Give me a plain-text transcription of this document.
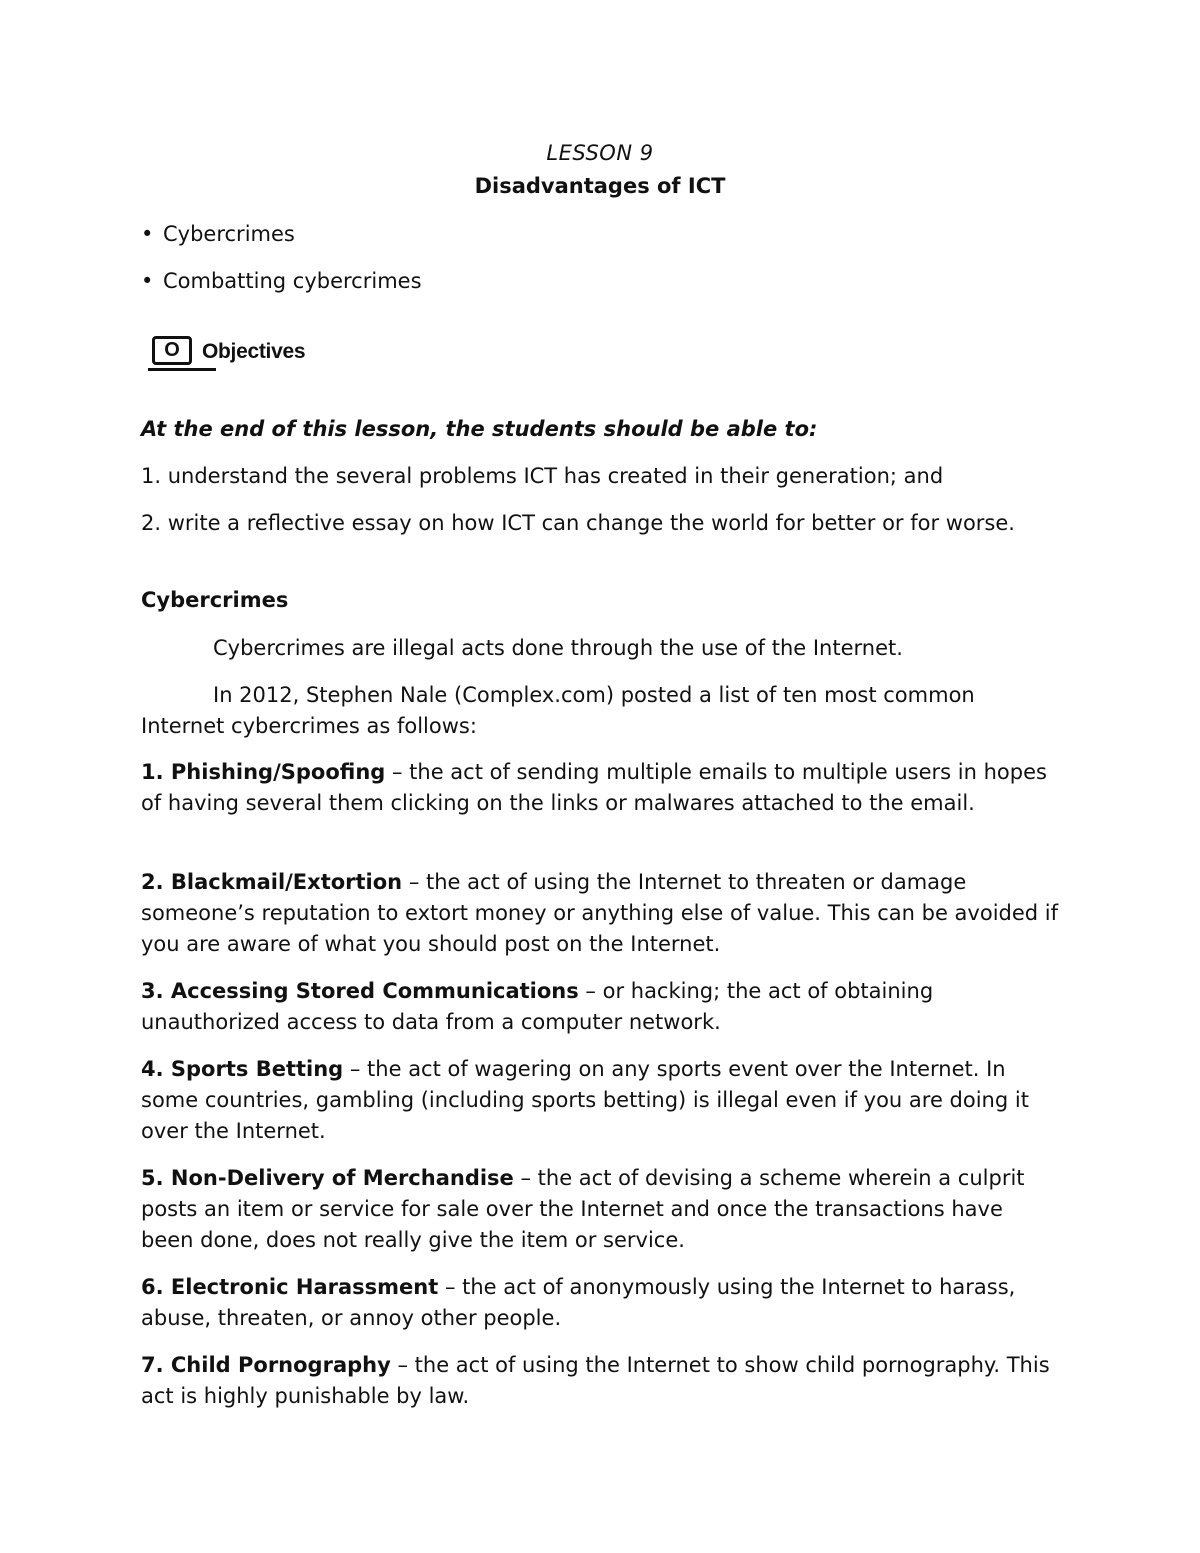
LESSON 9
Disadvantages of ICT
• Cybercrimes
• Combatting cybercrimes
O	Objectives

At the end of this lesson, the students should be able to:

1. understand the several problems ICT has created in their generation; and

2. write a reflective essay on how ICT can change the world for better or for worse.

Cybercrimes

Cybercrimes are illegal acts done through the use of the Internet.

In 2012, Stephen Nale (Complex.com) posted a list of ten most common Internet cybercrimes as follows:

1. Phishing/Spoofing – the act of sending multiple emails to multiple users in hopes of having several them clicking on the links or malwares attached to the email.

2. Blackmail/Extortion – the act of using the Internet to threaten or damage someone’s reputation to extort money or anything else of value. This can be avoided if you are aware of what you should post on the Internet.

3. Accessing Stored Communications – or hacking; the act of obtaining unauthorized access to data from a computer network.

4. Sports Betting – the act of wagering on any sports event over the Internet. In some countries, gambling (including sports betting) is illegal even if you are doing it over the Internet.

5. Non-Delivery of Merchandise – the act of devising a scheme wherein a culprit posts an item or service for sale over the Internet and once the transactions have been done, does not really give the item or service.

6. Electronic Harassment – the act of anonymously using the Internet to harass, abuse, threaten, or annoy other people.

7. Child Pornography – the act of using the Internet to show child pornography. This act is highly punishable by law.
